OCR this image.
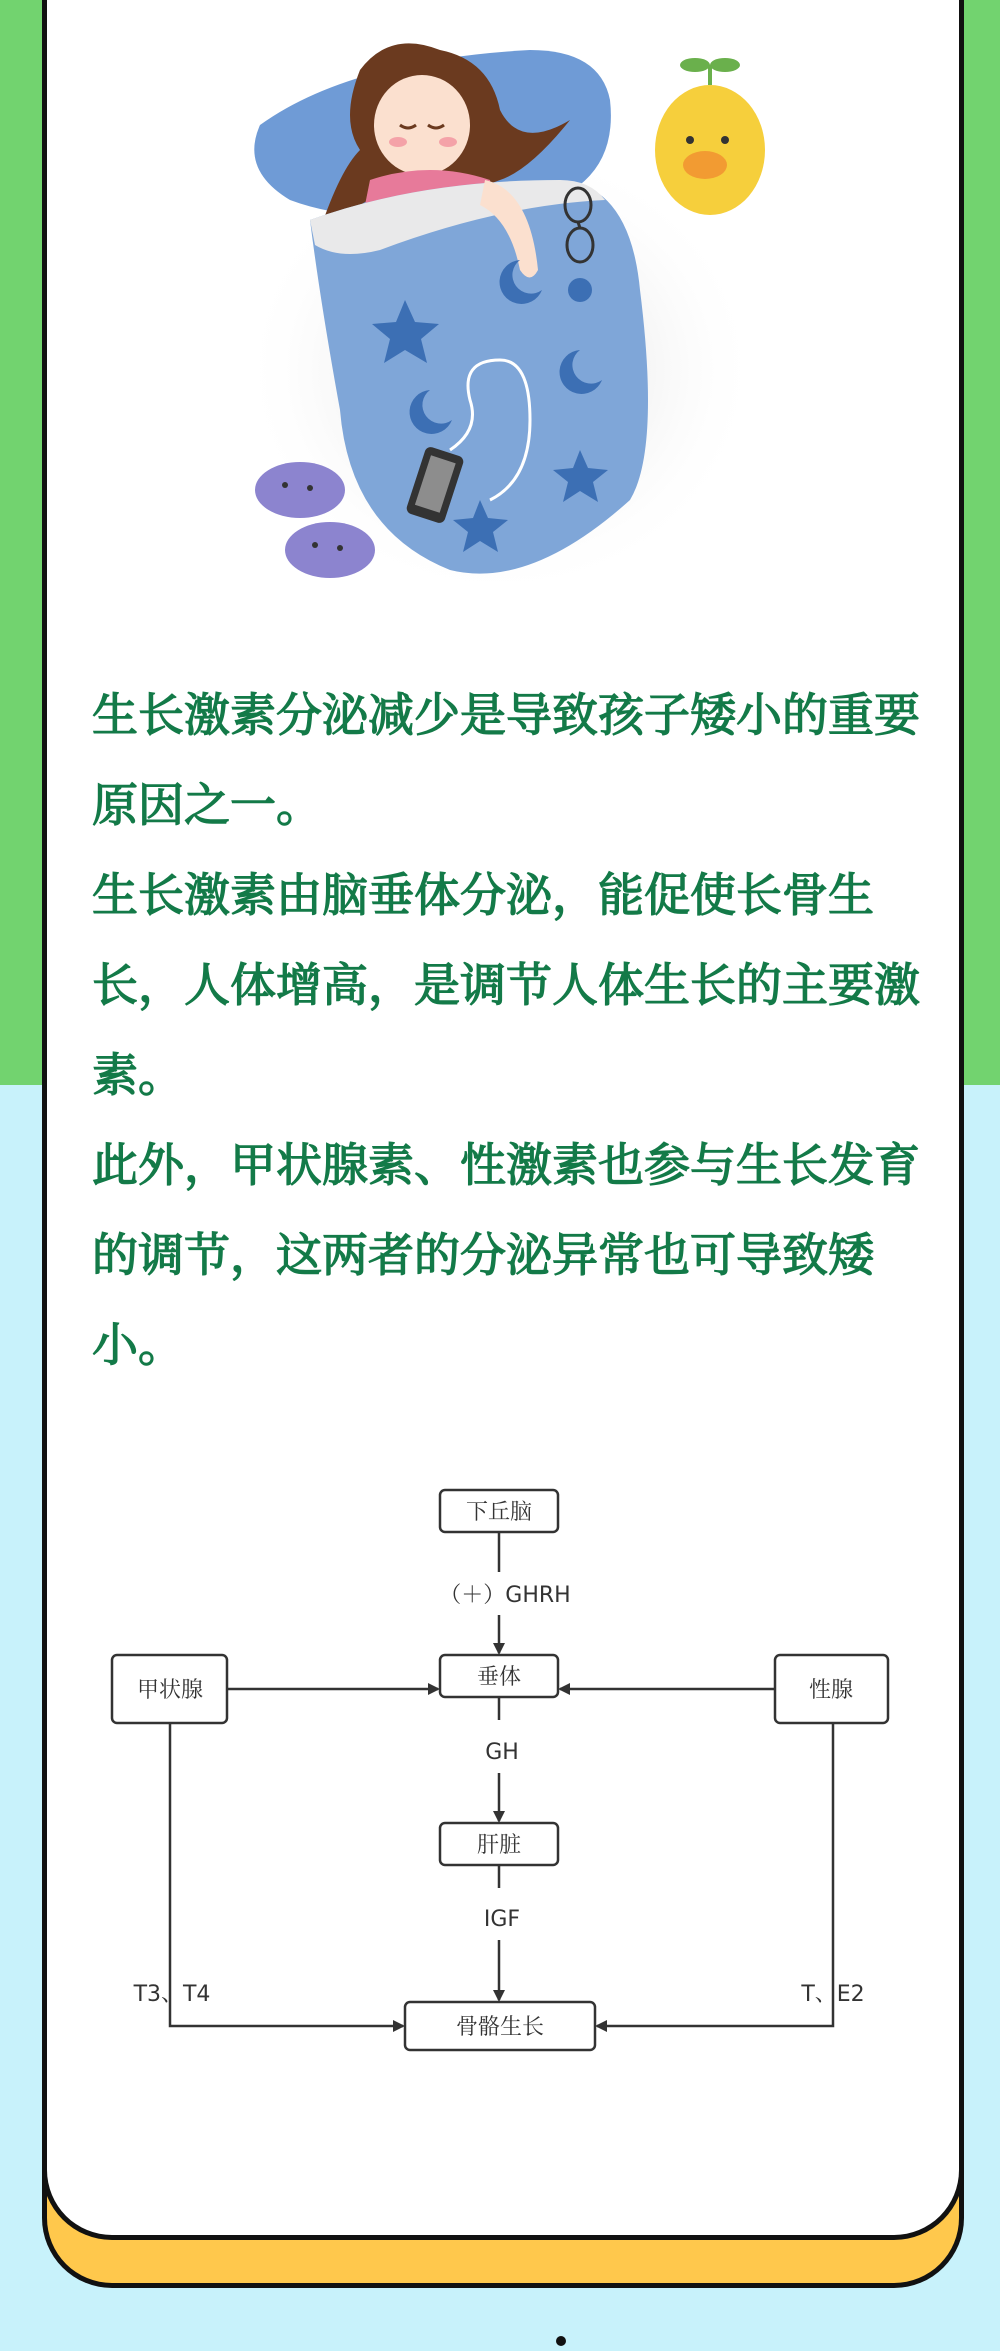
生长激素分泌减少是导致孩子矮小的重要原因之一。

生长激素由脑垂体分泌，能促使长骨生长，人体增高，是调节人体生长的主要激素。

此外，甲状腺素、性激素也参与生长发育的调节，这两者的分泌异常也可导致矮小。

下丘脑
垂体
甲状腺	性腺
肝脏
骨骼生长
（＋）GHRH
GH
IGF
T3、T4	T、E2
